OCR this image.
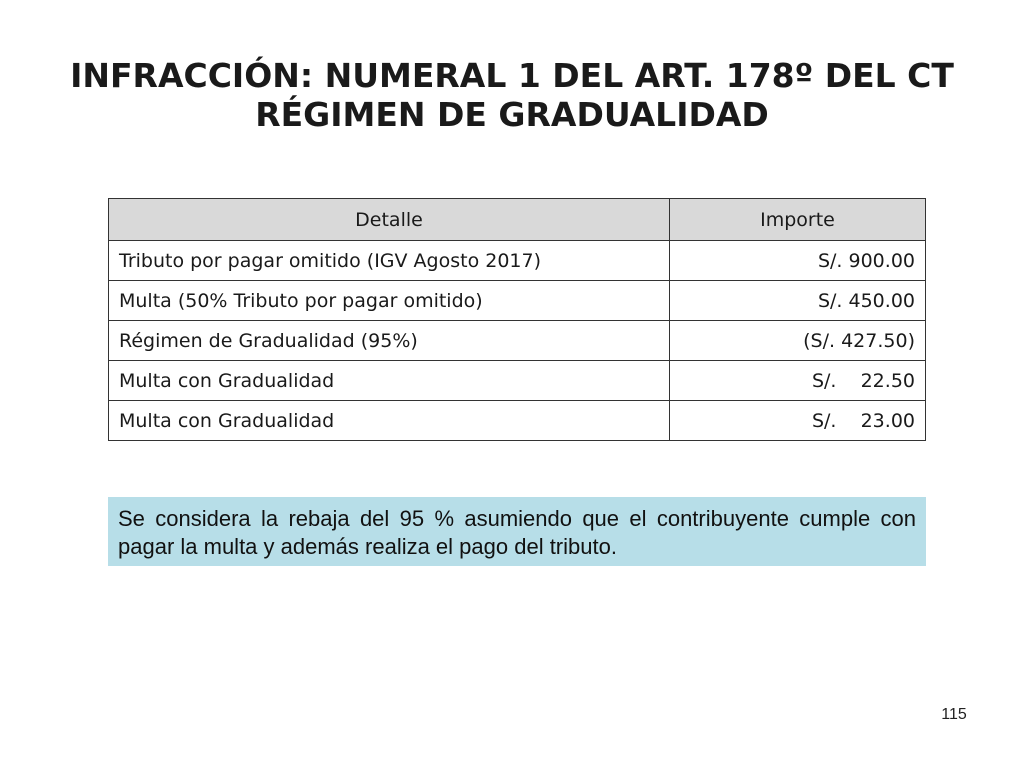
INFRACCIÓN: NUMERAL 1 DEL ART. 178º DEL CT
RÉGIMEN DE GRADUALIDAD
Detalle	Importe
Tributo por pagar omitido (IGV Agosto 2017)	S/. 900.00
Multa (50% Tributo por pagar omitido)	S/. 450.00
Régimen de Gradualidad (95%)	(S/. 427.50)
Multa con Gradualidad	S/.    22.50
Multa con Gradualidad	S/.    23.00
Se considera la rebaja del 95 % asumiendo que el contribuyente cumple con pagar la multa y además realiza el pago del tributo.
115
